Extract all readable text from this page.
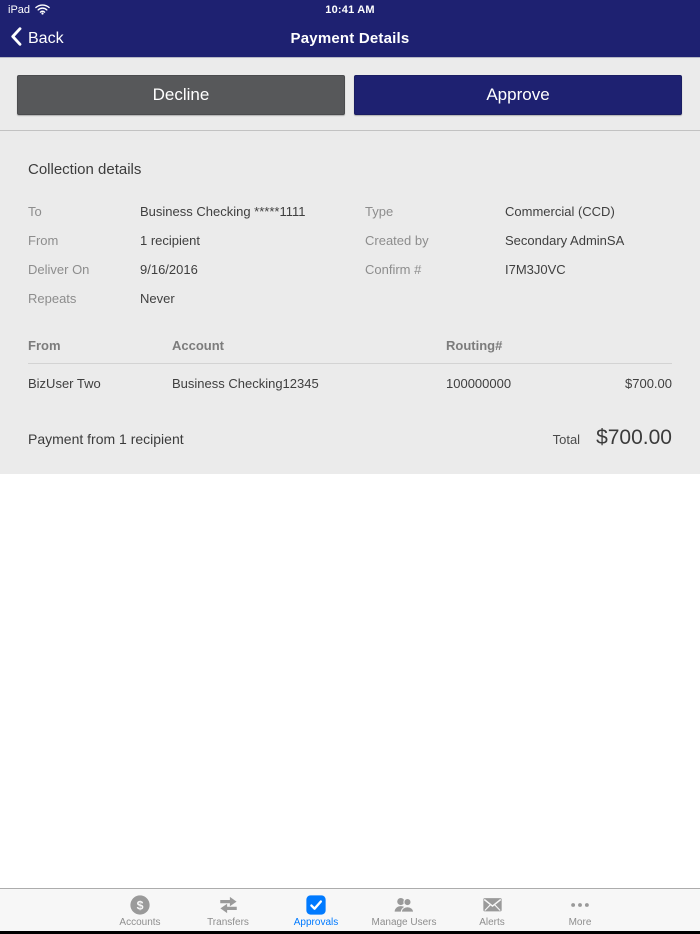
iPad	10:41 AM
Payment Details
Back
Decline	Approve
Collection details
To	Business Checking *****1111
From	1 recipient
Deliver On	9/16/2016
Repeats	Never
Type	Commercial (CCD)
Created by	Secondary AdminSA
Confirm #	I7M3J0VC
From	Account	Routing#
BizUser Two	Business Checking12345	100000000	$700.00
Payment from 1 recipient	Total $700.00
$
Accounts	Transfers	Approvals	Manage Users	Alerts	More
